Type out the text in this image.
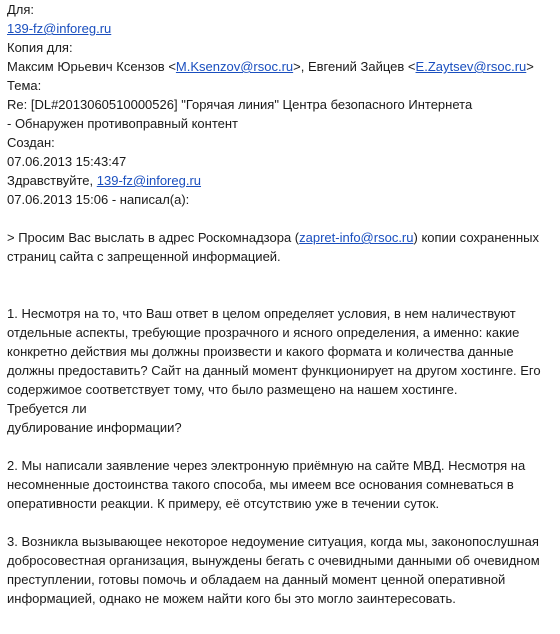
Для:
139-fz@inforeg.ru
Копия для:
Максим Юрьевич Ксензов <M.Ksenzov@rsoc.ru>, Евгений Зайцев <E.Zaytsev@rsoc.ru>
Тема:
Re: [DL#2013060510000526] "Горячая линия" Центра безопасного Интернета
- Обнаружен противоправный контент
Создан:
07.06.2013 15:43:47
Здравствуйте, 139-fz@inforeg.ru
07.06.2013 15:06 - написал(а):
> Просим Вас выслать в адрес Роскомнадзора (zapret-info@rsoc.ru) копии сохраненных
страниц сайта с запрещенной информацией.
1. Несмотря на то, что Ваш ответ в целом определяет условия, в нем наличествуют
отдельные аспекты, требующие прозрачного и ясного определения, а именно: какие
конкретно действия мы должны произвести и какого формата и количества данные
должны предоставить? Сайт на данный момент функционирует на другом хостинге. Его
содержимое соответствует тому, что было размещено на нашем хостинге.
Требуется ли
дублирование информации?
2. Мы написали заявление через электронную приёмную на сайте МВД. Несмотря на
несомненные достоинства такого способа, мы имеем все основания сомневаться в
оперативности реакции. К примеру, её отсутствию уже в течении суток.
3. Возникла вызывающее некоторое недоумение ситуация, когда мы, законопослушная
добросовестная организация, вынуждены бегать с очевидными данными об очевидном
преступлении, готовы помочь и обладаем на данный момент ценной оперативной
информацией, однако не можем найти кого бы это могло заинтересовать.
